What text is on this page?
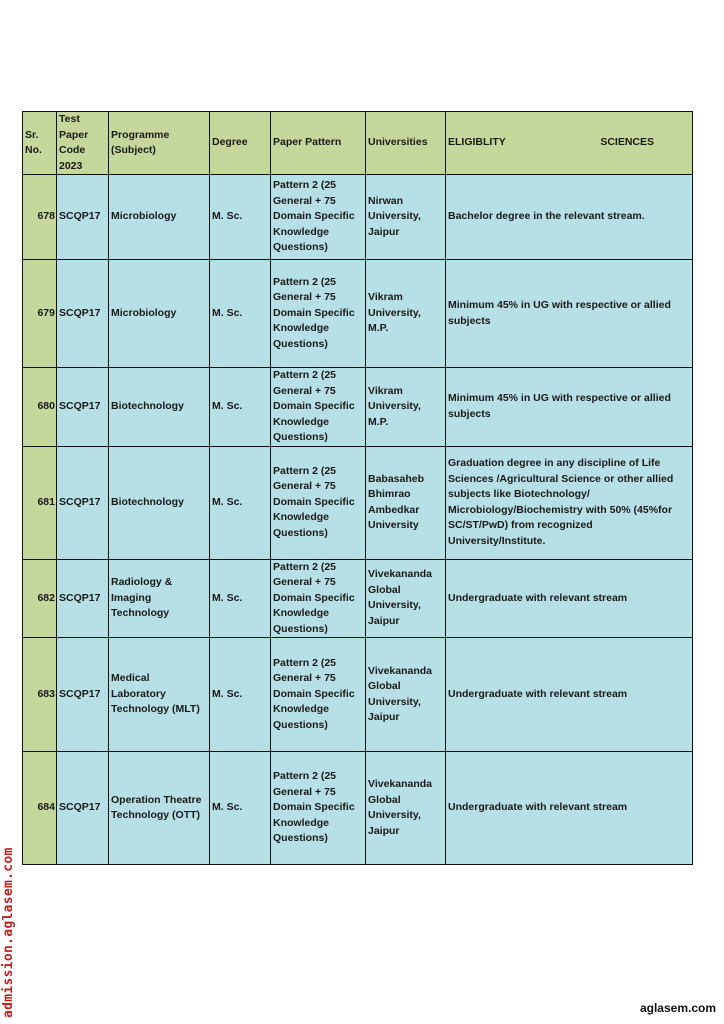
Sr. No.	Test Paper Code 2023	Programme (Subject)	Degree	Paper Pattern	Universities	ELIGIBLITY SCIENCES

678	SCQP17	Microbiology	M. Sc.	Pattern 2 (25 General + 75 Domain Specific Knowledge Questions)	Nirwan University, Jaipur	Bachelor degree in the relevant stream.
679	SCQP17	Microbiology	M. Sc.	Pattern 2 (25 General + 75 Domain Specific Knowledge Questions)	Vikram University, M.P.	Minimum 45% in UG with respective or allied subjects
680	SCQP17	Biotechnology	M. Sc.	Pattern 2 (25 General + 75 Domain Specific Knowledge Questions)	Vikram University, M.P.	Minimum 45% in UG with respective or allied subjects
681	SCQP17	Biotechnology	M. Sc.	Pattern 2 (25 General + 75 Domain Specific Knowledge Questions)	Babasaheb Bhimrao Ambedkar University	Graduation degree in any discipline of Life Sciences /Agricultural Science or other allied subjects like Biotechnology/ Microbiology/Biochemistry with 50% (45%for SC/ST/PwD) from recognized University/Institute.
682	SCQP17	Radiology & Imaging Technology	M. Sc.	Pattern 2 (25 General + 75 Domain Specific Knowledge Questions)	Vivekananda Global University, Jaipur	Undergraduate with relevant stream
683	SCQP17	Medical Laboratory Technology (MLT)	M. Sc.	Pattern 2 (25 General + 75 Domain Specific Knowledge Questions)	Vivekananda Global University, Jaipur	Undergraduate with relevant stream
684	SCQP17	Operation Theatre Technology (OTT)	M. Sc.	Pattern 2 (25 General + 75 Domain Specific Knowledge Questions)	Vivekananda Global University, Jaipur	Undergraduate with relevant stream
admission.aglasem.com	aglasem.com
